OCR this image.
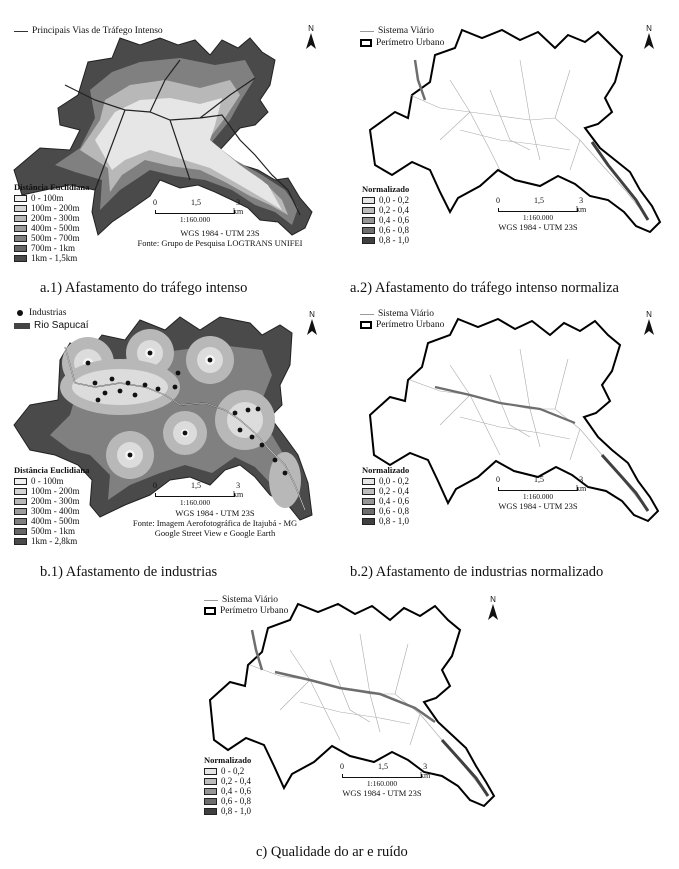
Principais Vias de Tráfego Intenso	N
Distância Euclidiana
0 - 100m
100m - 200m
200m - 300m
400m - 500m
500m - 700m
700m - 1km
1km - 1,5km
0	1,5	3 km
1:160.000
WGS 1984 - UTM 23S
Fonte: Grupo de Pesquisa LOGTRANS UNIFEI
a.1) Afastamento do tráfego intenso
Sistema Viário
Perímetro Urbano
N
Normalizado
0,0 - 0,2
0,2 - 0,4
0,4 - 0,6
0,6 - 0,8
0,8 - 1,0
0	1,5	3 km
1:160.000
WGS 1984 - UTM 23S
a.2) Afastamento do tráfego intenso normaliza
Industrias
Rio Sapucaí
N
Distância Euclidiana
0 - 100m
100m - 200m
200m - 300m
300m - 400m
400m - 500m
500m - 1km
1km - 2,8km
0	1,5	3 km
1:160.000
WGS 1984 - UTM 23S
Fonte: Imagem Aerofotográfica de Itajubá - MG
Google Street View e Google Earth
b.1) Afastamento de industrias
Sistema Viário
Perímetro Urbano
N
Normalizado
0,0 - 0,2
0,2 - 0,4
0,4 - 0,6
0,6 - 0,8
0,8 - 1,0
0	1,5	3 km
1:160.000
WGS 1984 - UTM 23S
b.2) Afastamento de industrias normalizado
Sistema Viário
Perímetro Urbano
N
Normalizado
0 - 0,2
0,2 - 0,4
0,4 - 0,6
0,6 - 0,8
0,8 - 1,0
0	1,5	3 km
1:160.000
WGS 1984 - UTM 23S
c) Qualidade do ar e ruído
